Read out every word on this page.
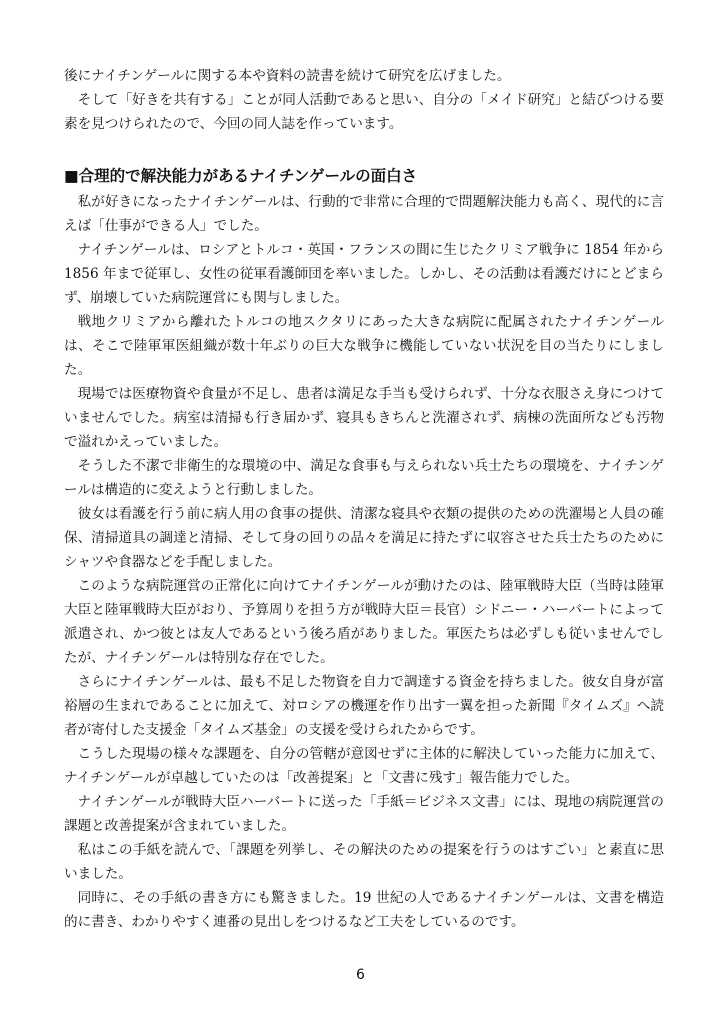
後にナイチンゲールに関する本や資料の読書を続けて研究を広げました。

そして「好きを共有する」ことが同人活動であると思い、自分の「メイド研究」と結びつける要素を見つけられたので、今回の同人誌を作っています。

■合理的で解決能力があるナイチンゲールの面白さ

私が好きになったナイチンゲールは、行動的で非常に合理的で問題解決能力も高く、現代的に言えば「仕事ができる人」でした。

ナイチンゲールは、ロシアとトルコ・英国・フランスの間に生じたクリミア戦争に 1854 年から 1856 年まで従軍し、女性の従軍看護師団を率いました。しかし、その活動は看護だけにとどまらず、崩壊していた病院運営にも関与しました。

戦地クリミアから離れたトルコの地スクタリにあった大きな病院に配属されたナイチンゲールは、そこで陸軍軍医組織が数十年ぶりの巨大な戦争に機能していない状況を目の当たりにしました。

現場では医療物資や食量が不足し、患者は満足な手当も受けられず、十分な衣服さえ身につけていませんでした。病室は清掃も行き届かず、寝具もきちんと洗濯されず、病棟の洗面所なども汚物で溢れかえっていました。

そうした不潔で非衛生的な環境の中、満足な食事も与えられない兵士たちの環境を、ナイチンゲールは構造的に変えようと行動しました。

彼女は看護を行う前に病人用の食事の提供、清潔な寝具や衣類の提供のための洗濯場と人員の確保、清掃道具の調達と清掃、そして身の回りの品々を満足に持たずに収容させた兵士たちのためにシャツや食器などを手配しました。

このような病院運営の正常化に向けてナイチンゲールが動けたのは、陸軍戦時大臣（当時は陸軍大臣と陸軍戦時大臣がおり、予算周りを担う方が戦時大臣＝長官）シドニー・ハーバートによって派遣され、かつ彼とは友人であるという後ろ盾がありました。軍医たちは必ずしも従いませんでしたが、ナイチンゲールは特別な存在でした。

さらにナイチンゲールは、最も不足した物資を自力で調達する資金を持ちました。彼女自身が富裕層の生まれであることに加えて、対ロシアの機運を作り出す一翼を担った新聞『タイムズ』へ読者が寄付した支援金「タイムズ基金」の支援を受けられたからです。

こうした現場の様々な課題を、自分の管轄が意図せずに主体的に解決していった能力に加えて、ナイチンゲールが卓越していたのは「改善提案」と「文書に残す」報告能力でした。

ナイチンゲールが戦時大臣ハーバートに送った「手紙＝ビジネス文書」には、現地の病院運営の課題と改善提案が含まれていました。

私はこの手紙を読んで、「課題を列挙し、その解決のための提案を行うのはすごい」と素直に思いました。

同時に、その手紙の書き方にも驚きました。19 世紀の人であるナイチンゲールは、文書を構造的に書き、わかりやすく連番の見出しをつけるなど工夫をしているのです。

6
